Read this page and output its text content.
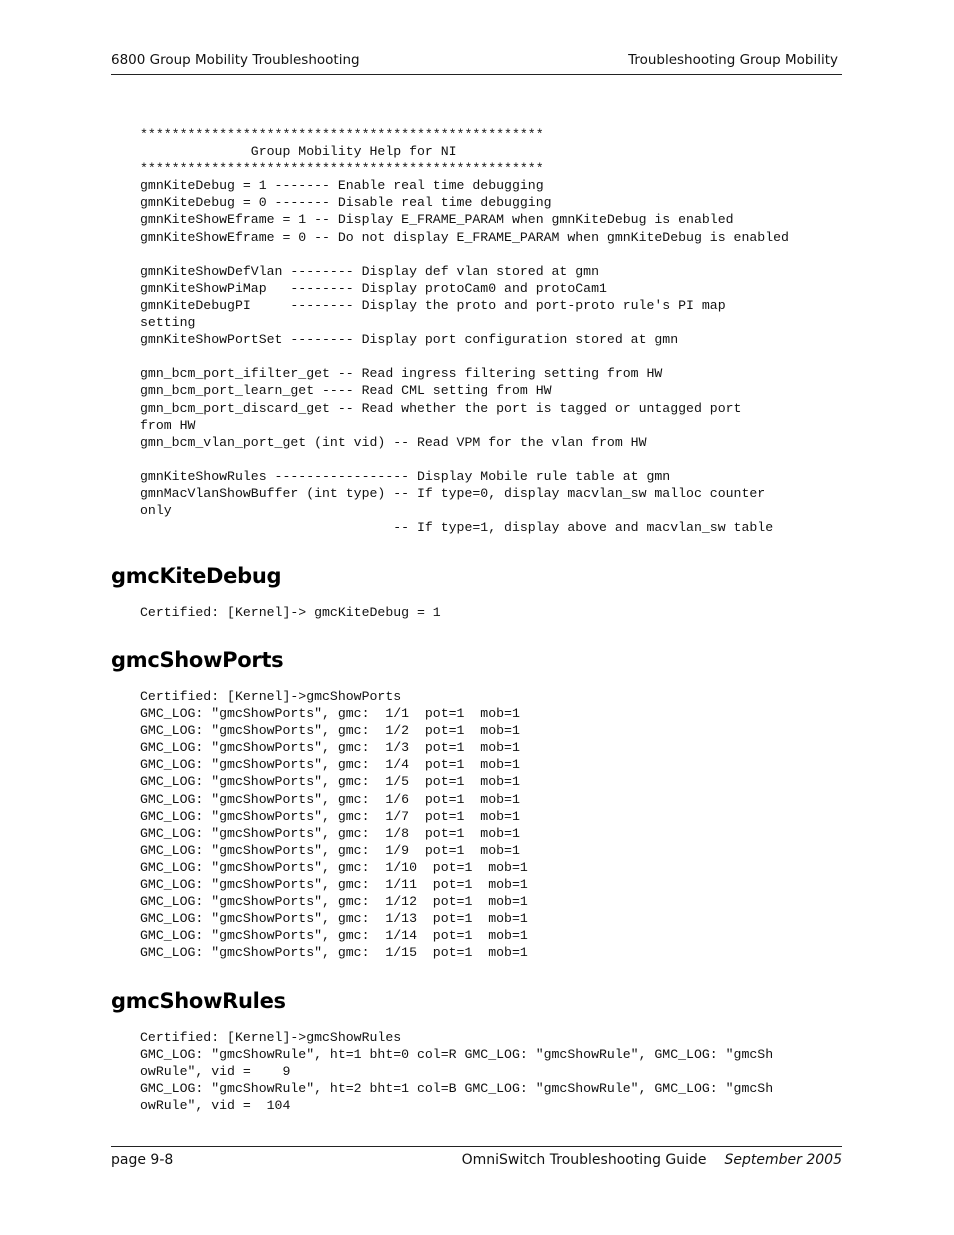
6800 Group Mobility Troubleshooting	Troubleshooting Group Mobility
***************************************************
Group Mobility Help for NI
***************************************************
gmnKiteDebug = 1 ------- Enable real time debugging
gmnKiteDebug = 0 ------- Disable real time debugging
gmnKiteShowEframe = 1 -- Display E_FRAME_PARAM when gmnKiteDebug is enabled
gmnKiteShowEframe = 0 -- Do not display E_FRAME_PARAM when gmnKiteDebug is enabled

gmnKiteShowDefVlan -------- Display def vlan stored at gmn
gmnKiteShowPiMap   -------- Display protoCam0 and protoCam1
gmnKiteDebugPI     -------- Display the proto and port-proto rule's PI map
setting
gmnKiteShowPortSet -------- Display port configuration stored at gmn

gmn_bcm_port_ifilter_get -- Read ingress filtering setting from HW
gmn_bcm_port_learn_get ---- Read CML setting from HW
gmn_bcm_port_discard_get -- Read whether the port is tagged or untagged port
from HW
gmn_bcm_vlan_port_get (int vid) -- Read VPM for the vlan from HW

gmnKiteShowRules ----------------- Display Mobile rule table at gmn
gmnMacVlanShowBuffer (int type) -- If type=0, display macvlan_sw malloc counter
only
-- If type=1, display above and macvlan_sw table
gmcKiteDebug
Certified: [Kernel]-> gmcKiteDebug = 1
gmcShowPorts
Certified: [Kernel]->gmcShowPorts
GMC_LOG: "gmcShowPorts", gmc:  1/1  pot=1  mob=1
GMC_LOG: "gmcShowPorts", gmc:  1/2  pot=1  mob=1
GMC_LOG: "gmcShowPorts", gmc:  1/3  pot=1  mob=1
GMC_LOG: "gmcShowPorts", gmc:  1/4  pot=1  mob=1
GMC_LOG: "gmcShowPorts", gmc:  1/5  pot=1  mob=1
GMC_LOG: "gmcShowPorts", gmc:  1/6  pot=1  mob=1
GMC_LOG: "gmcShowPorts", gmc:  1/7  pot=1  mob=1
GMC_LOG: "gmcShowPorts", gmc:  1/8  pot=1  mob=1
GMC_LOG: "gmcShowPorts", gmc:  1/9  pot=1  mob=1
GMC_LOG: "gmcShowPorts", gmc:  1/10  pot=1  mob=1
GMC_LOG: "gmcShowPorts", gmc:  1/11  pot=1  mob=1
GMC_LOG: "gmcShowPorts", gmc:  1/12  pot=1  mob=1
GMC_LOG: "gmcShowPorts", gmc:  1/13  pot=1  mob=1
GMC_LOG: "gmcShowPorts", gmc:  1/14  pot=1  mob=1
GMC_LOG: "gmcShowPorts", gmc:  1/15  pot=1  mob=1
gmcShowRules
Certified: [Kernel]->gmcShowRules
GMC_LOG: "gmcShowRule", ht=1 bht=0 col=R GMC_LOG: "gmcShowRule", GMC_LOG: "gmcSh
owRule", vid =    9
GMC_LOG: "gmcShowRule", ht=2 bht=1 col=B GMC_LOG: "gmcShowRule", GMC_LOG: "gmcSh
owRule", vid =  104
page 9-8	OmniSwitch Troubleshooting Guide September 2005
